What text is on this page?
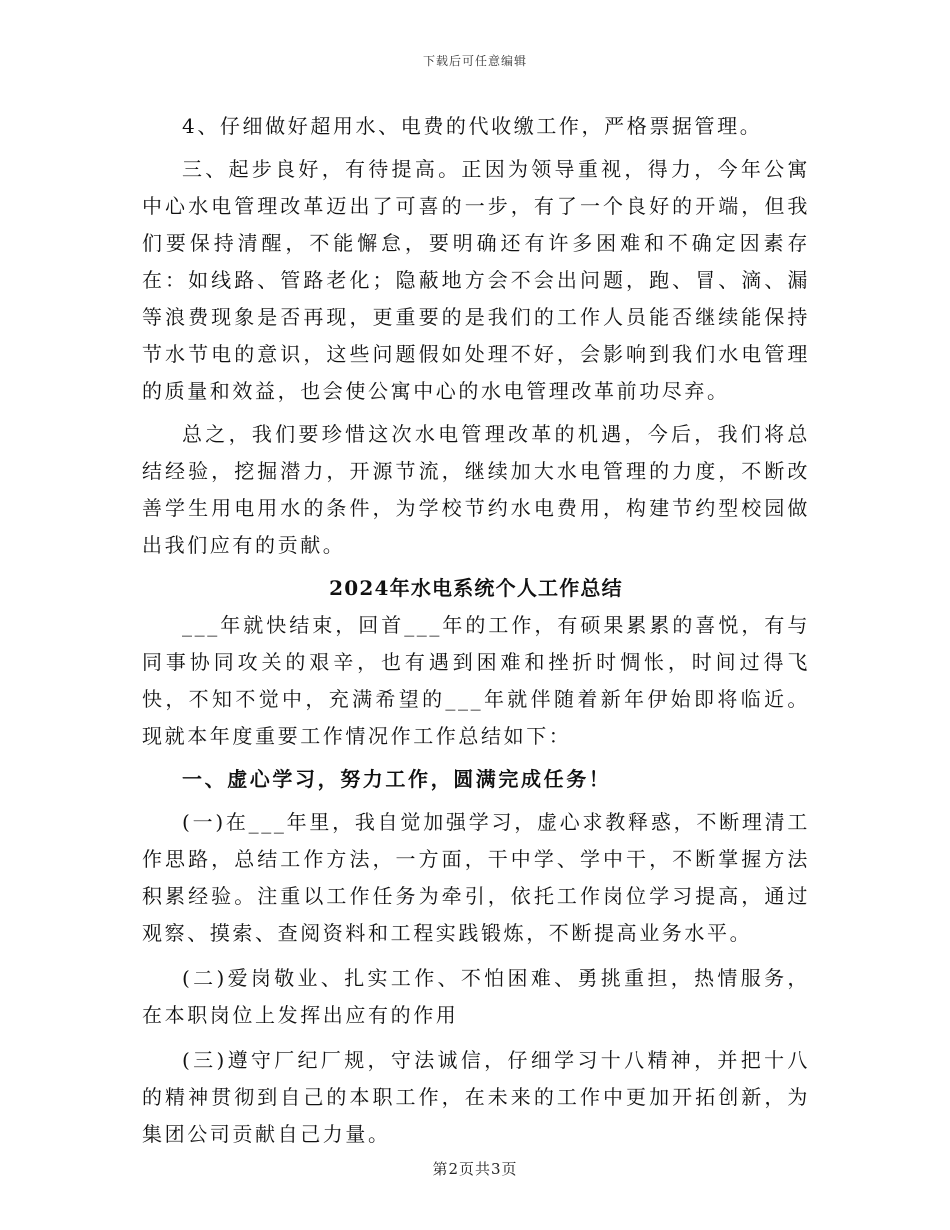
下载后可任意编辑

4、仔细做好超用水、电费的代收缴工作，严格票据管理。

三、起步良好，有待提高。正因为领导重视，得力，今年公寓中心水电管理改革迈出了可喜的一步，有了一个良好的开端，但我们要保持清醒，不能懈怠，要明确还有许多困难和不确定因素存在：如线路、管路老化；隐蔽地方会不会出问题，跑、冒、滴、漏等浪费现象是否再现，更重要的是我们的工作人员能否继续能保持节水节电的意识，这些问题假如处理不好，会影响到我们水电管理的质量和效益，也会使公寓中心的水电管理改革前功尽弃。

总之，我们要珍惜这次水电管理改革的机遇，今后，我们将总结经验，挖掘潜力，开源节流，继续加大水电管理的力度，不断改善学生用电用水的条件，为学校节约水电费用，构建节约型校园做出我们应有的贡献。

2024年水电系统个人工作总结

___年就快结束，回首___年的工作，有硕果累累的喜悦，有与同事协同攻关的艰辛，也有遇到困难和挫折时惆怅，时间过得飞快，不知不觉中，充满希望的___年就伴随着新年伊始即将临近。现就本年度重要工作情况作工作总结如下：

一、虚心学习，努力工作，圆满完成任务！

(一)在___年里，我自觉加强学习，虚心求教释惑，不断理清工作思路，总结工作方法，一方面，干中学、学中干，不断掌握方法积累经验。注重以工作任务为牵引，依托工作岗位学习提高，通过观察、摸索、查阅资料和工程实践锻炼，不断提高业务水平。

(二)爱岗敬业、扎实工作、不怕困难、勇挑重担，热情服务，在本职岗位上发挥出应有的作用

(三)遵守厂纪厂规，守法诚信，仔细学习十八精神，并把十八的精神贯彻到自己的本职工作，在未来的工作中更加开拓创新，为集团公司贡献自己力量。

第2页共3页
